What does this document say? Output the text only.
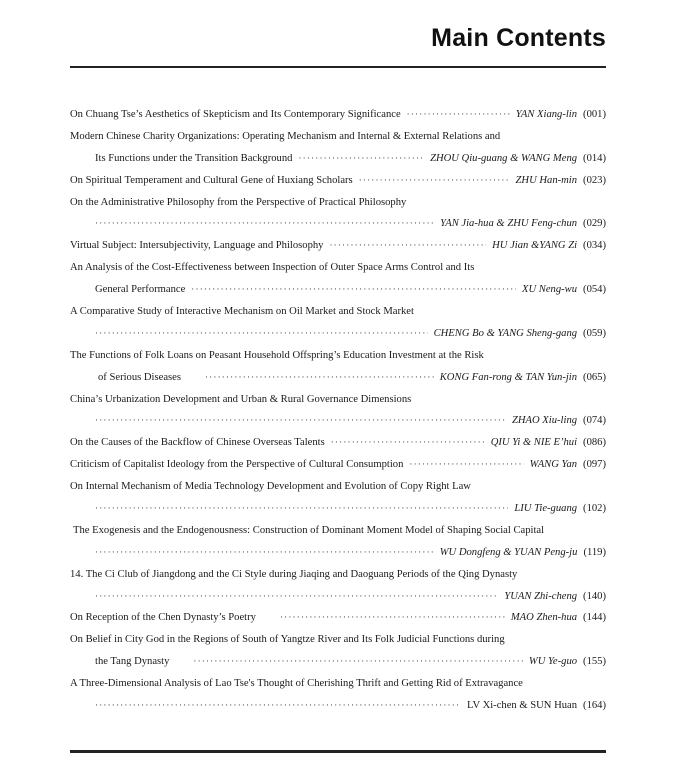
Main Contents
On Chuang Tse’s Aesthetics of Skepticism and Its Contemporary Significance ·····	YAN Xiang-lin (001)
Modern Chinese Charity Organizations: Operating Mechanism and Internal & External Relations and
Its Functions under the Transition Background ·····	ZHOU Qiu-guang & WANG Meng (014)
On Spiritual Temperament and Cultural Gene of Huxiang Scholars ·····	ZHU Han-min (023)
On the Administrative Philosophy from the Perspective of Practical Philosophy
·····
YAN Jia-hua & ZHU Feng-chun (029)
Virtual Subject: Intersubjectivity, Language and Philosophy ·····	HU Jian &YANG Zi (034)
An Analysis of the Cost-Effectiveness between Inspection of Outer Space Arms Control and Its
General Performance ·····	XU Neng-wu (054)
A Comparative Study of Interactive Mechanism on Oil Market and Stock Market
·····
CHENG Bo & YANG Sheng-gang (059)
The Functions of Folk Loans on Peasant Household Offspring’s Education Investment at the Risk
of Serious Diseases ·····	KONG Fan-rong & TAN Yun-jin (065)
China’s Urbanization Development and Urban & Rural Governance Dimensions
·····
ZHAO Xiu-ling (074)
On the Causes of the Backflow of Chinese Overseas Talents ·····	QIU Yi & NIE E’hui (086)
Criticism of Capitalist Ideology from the Perspective of Cultural Consumption ·····	WANG Yan (097)
On Internal Mechanism of Media Technology Development and Evolution of Copy Right Law
·····
LIU Tie-guang (102)
The Exogenesis and the Endogenousness: Construction of Dominant Moment Model of Shaping Social Capital
·····
WU Dongfeng & YUAN Peng-ju (119)
14. The Ci Club of Jiangdong and the Ci Style during Jiaqing and Daoguang Periods of the Qing Dynasty
·····
YUAN Zhi-cheng (140)
On Reception of the Chen Dynasty’s Poetry ·····	MAO Zhen-hua (144)
On Belief in City God in the Regions of South of Yangtze River and Its Folk Judicial Functions during
the Tang Dynasty ·····	WU Ye-guo (155)
A Three-Dimensional Analysis of Lao Tse's Thought of Cherishing Thrift and Getting Rid of Extravagance
·····
LV Xi-chen & SUN Huan (164)
